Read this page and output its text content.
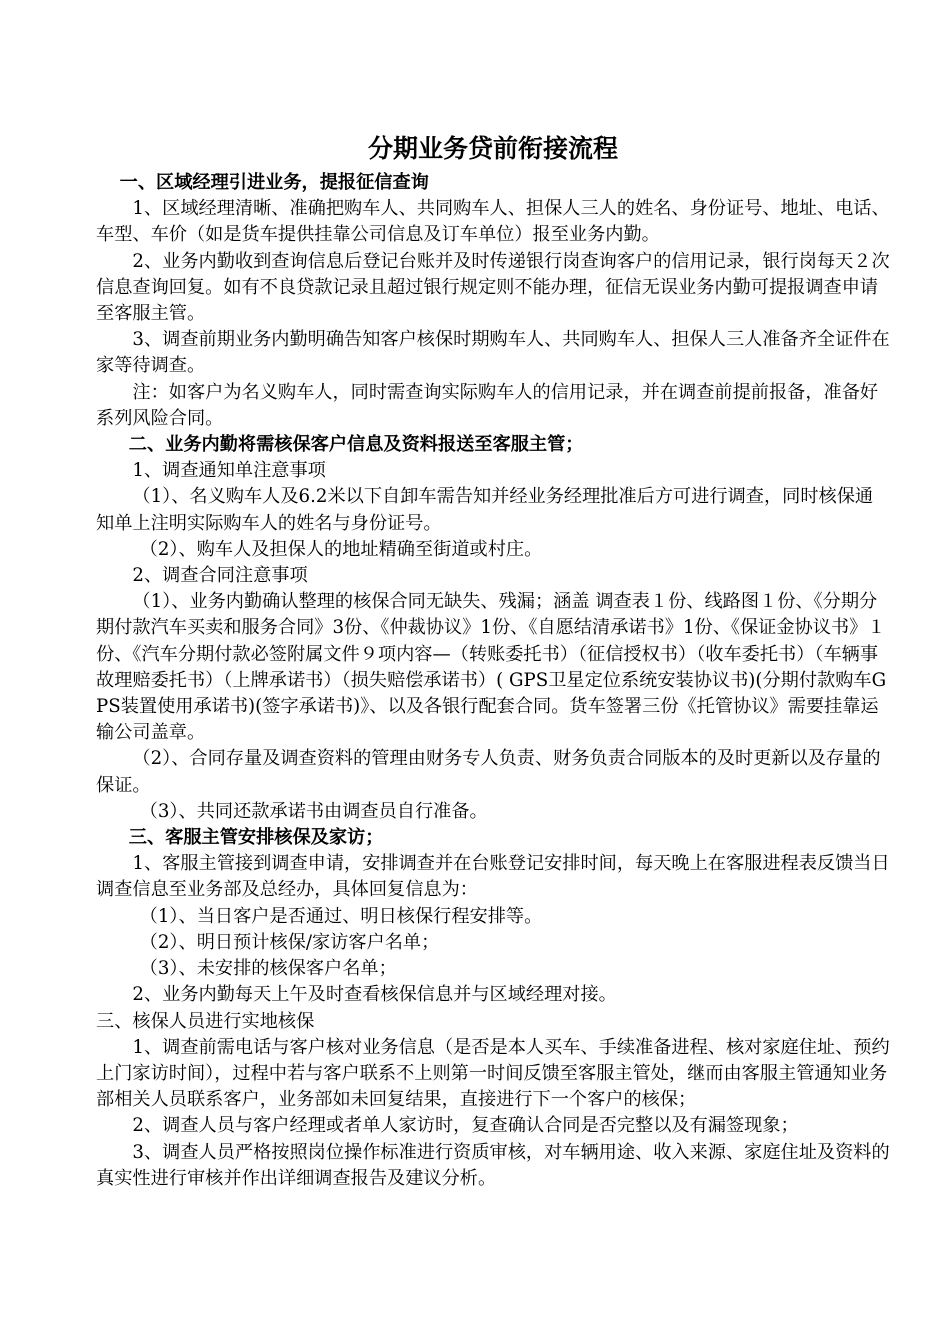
分期业务贷前衔接流程

一、区域经理引进业务，提报征信查询

1、区域经理清晰、准确把购车人、共同购车人、担保人三人的姓名、身份证号、地址、电话、车型、车价（如是货车提供挂靠公司信息及订车单位）报至业务内勤。

2、业务内勤收到查询信息后登记台账并及时传递银行岗查询客户的信用记录，银行岗每天２次信息查询回复。如有不良贷款记录且超过银行规定则不能办理，征信无误业务内勤可提报调查申请至客服主管。

3、调查前期业务内勤明确告知客户核保时期购车人、共同购车人、担保人三人准备齐全证件在家等待调查。

注：如客户为名义购车人，同时需查询实际购车人的信用记录，并在调查前提前报备，准备好系列风险合同。

二、业务内勤将需核保客户信息及资料报送至客服主管；

1、调查通知单注意事项

（1）、名义购车人及6.2米以下自卸车需告知并经业务经理批准后方可进行调查，同时核保通知单上注明实际购车人的姓名与身份证号。

（2）、购车人及担保人的地址精确至街道或村庄。

2、调查合同注意事项

（1）、业务内勤确认整理的核保合同无缺失、残漏；涵盖 调查表１份、线路图１份、《分期分期付款汽车买卖和服务合同》3份、《仲裁协议》1份、《自愿结清承诺书》1份、《保证金协议书》１份、《汽车分期付款必签附属文件９项内容—（转账委托书）（征信授权书）（收车委托书）（车辆事故理赔委托书）（上牌承诺书）（损失赔偿承诺书）( GPS卫星定位系统安装协议书)(分期付款购车GPS装置使用承诺书)(签字承诺书)》、以及各银行配套合同。货车签署三份《托管协议》需要挂靠运输公司盖章。

（2）、合同存量及调查资料的管理由财务专人负责、财务负责合同版本的及时更新以及存量的保证。

（3）、共同还款承诺书由调查员自行准备。

三、客服主管安排核保及家访；

1、客服主管接到调查申请，安排调查并在台账登记安排时间，每天晚上在客服进程表反馈当日调查信息至业务部及总经办，具体回复信息为：

（1）、当日客户是否通过、明日核保行程安排等。

（2）、明日预计核保/家访客户名单；

（3）、未安排的核保客户名单；

2、业务内勤每天上午及时查看核保信息并与区域经理对接。

三、核保人员进行实地核保

1、调查前需电话与客户核对业务信息（是否是本人买车、手续准备进程、核对家庭住址、预约上门家访时间），过程中若与客户联系不上则第一时间反馈至客服主管处，继而由客服主管通知业务部相关人员联系客户，业务部如未回复结果，直接进行下一个客户的核保；

2、调查人员与客户经理或者单人家访时，复查确认合同是否完整以及有漏签现象；

3、调查人员严格按照岗位操作标准进行资质审核，对车辆用途、收入来源、家庭住址及资料的真实性进行审核并作出详细调查报告及建议分析。
